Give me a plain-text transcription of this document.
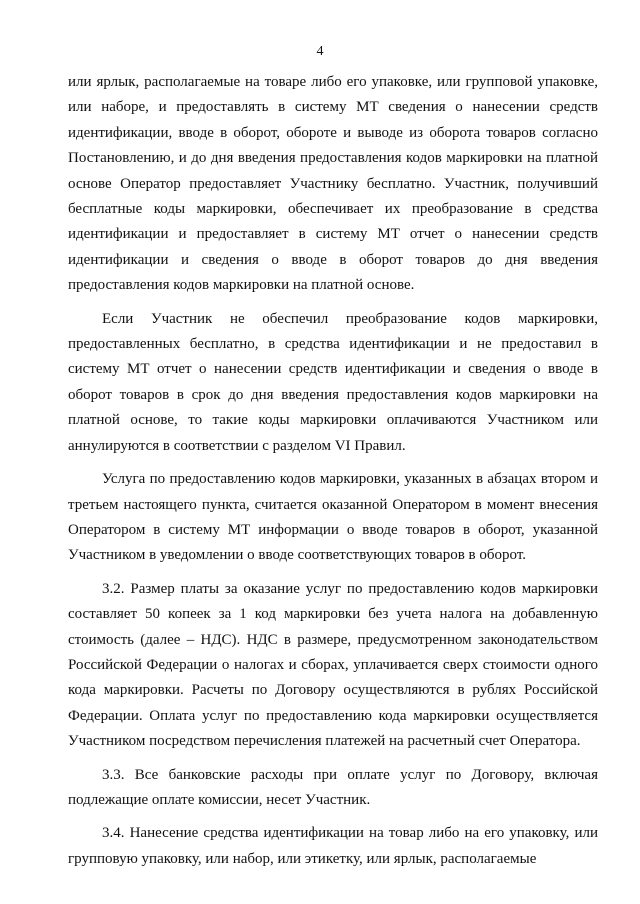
4

или ярлык, располагаемые на товаре либо его упаковке, или групповой упаковке, или наборе, и предоставлять в систему МТ сведения о нанесении средств идентификации, вводе в оборот, обороте и выводе из оборота товаров согласно Постановлению, и до дня введения предоставления кодов маркировки на платной основе Оператор предоставляет Участнику бесплатно. Участник, получивший бесплатные коды маркировки, обеспечивает их преобразование в средства идентификации и предоставляет в систему МТ отчет о нанесении средств идентификации и сведения о вводе в оборот товаров до дня введения предоставления кодов маркировки на платной основе.

Если Участник не обеспечил преобразование кодов маркировки, предоставленных бесплатно, в средства идентификации и не предоставил в систему МТ отчет о нанесении средств идентификации и сведения о вводе в оборот товаров в срок до дня введения предоставления кодов маркировки на платной основе, то такие коды маркировки оплачиваются Участником или аннулируются в соответствии с разделом VI Правил.

Услуга по предоставлению кодов маркировки, указанных в абзацах втором и третьем настоящего пункта, считается оказанной Оператором в момент внесения Оператором в систему МТ информации о вводе товаров в оборот, указанной Участником в уведомлении о вводе соответствующих товаров в оборот.

3.2. Размер платы за оказание услуг по предоставлению кодов маркировки составляет 50 копеек за 1 код маркировки без учета налога на добавленную стоимость (далее – НДС). НДС в размере, предусмотренном законодательством Российской Федерации о налогах и сборах, уплачивается сверх стоимости одного кода маркировки. Расчеты по Договору осуществляются в рублях Российской Федерации. Оплата услуг по предоставлению кода маркировки осуществляется Участником посредством перечисления платежей на расчетный счет Оператора.

3.3. Все банковские расходы при оплате услуг по Договору, включая подлежащие оплате комиссии, несет Участник.

3.4. Нанесение средства идентификации на товар либо на его упаковку, или групповую упаковку, или набор, или этикетку, или ярлык, располагаемые
